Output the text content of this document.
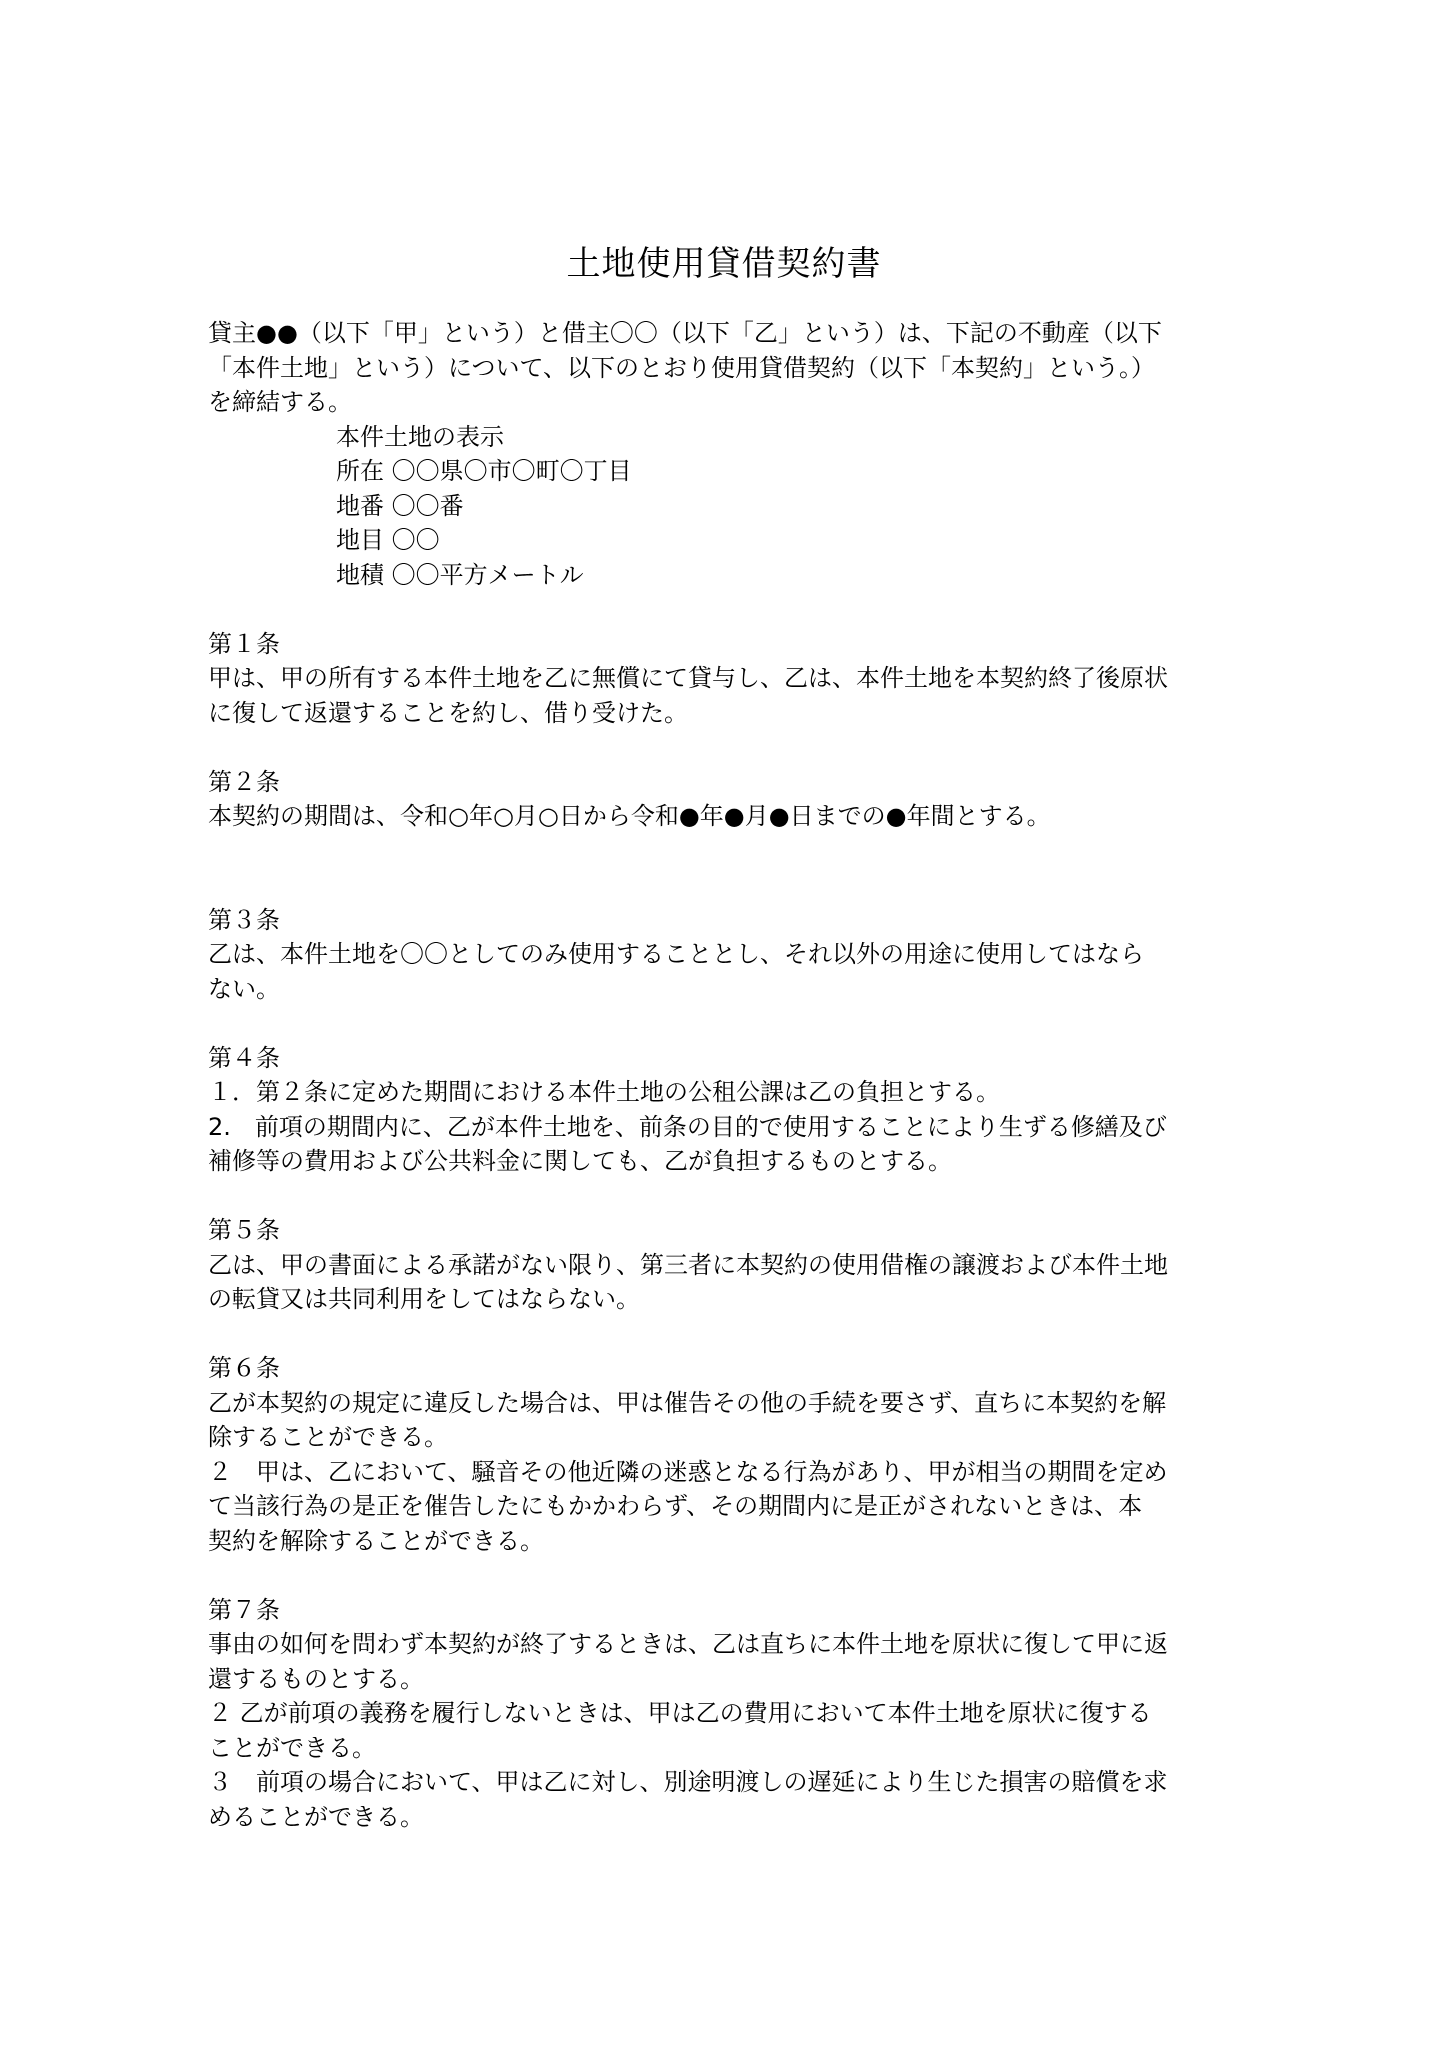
土地使用貸借契約書

貸主●●（以下「甲」という）と借主〇〇（以下「乙」という）は、下記の不動産（以下

「本件土地」という）について、以下のとおり使用貸借契約（以下「本契約」という。）

を締結する。

本件土地の表示

所在 〇〇県〇市〇町〇丁目

地番 〇〇番

地目 〇〇

地積 〇〇平方メートル

第１条

甲は、甲の所有する本件土地を乙に無償にて貸与し、乙は、本件土地を本契約終了後原状

に復して返還することを約し、借り受けた。

第２条

本契約の期間は、令和○年○月○日から令和●年●月●日までの●年間とする。

第３条

乙は、本件土地を〇〇としてのみ使用することとし、それ以外の用途に使用してはなら

ない。

第４条

１．第２条に定めた期間における本件土地の公租公課は乙の負担とする。

2.　前項の期間内に、乙が本件土地を、前条の目的で使用することにより生ずる修繕及び

補修等の費用および公共料金に関しても、乙が負担するものとする。

第５条

乙は、甲の書面による承諾がない限り、第三者に本契約の使用借権の譲渡および本件土地

の転貸又は共同利用をしてはならない。

第６条

乙が本契約の規定に違反した場合は、甲は催告その他の手続を要さず、直ちに本契約を解

除することができる。

２　甲は、乙において、騒音その他近隣の迷惑となる行為があり、甲が相当の期間を定め

て当該行為の是正を催告したにもかかわらず、その期間内に是正がされないときは、本

契約を解除することができる。

第７条

事由の如何を問わず本契約が終了するときは、乙は直ちに本件土地を原状に復して甲に返

還するものとする。

２ 乙が前項の義務を履行しないときは、甲は乙の費用において本件土地を原状に復する

ことができる。

３　前項の場合において、甲は乙に対し、別途明渡しの遅延により生じた損害の賠償を求

めることができる。
